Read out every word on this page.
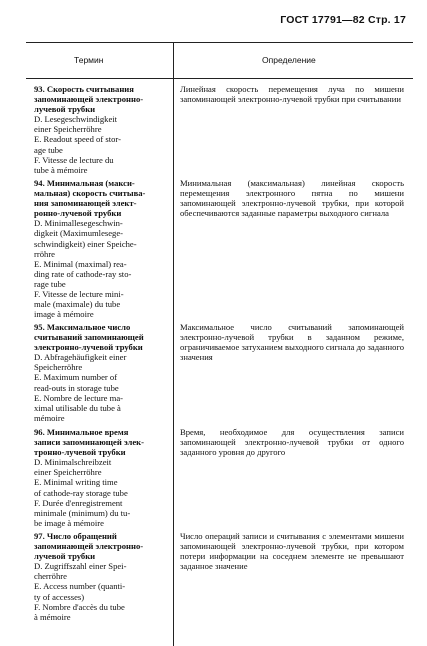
ГОСТ 17791—82 Стр. 17
Термин	Определение
93. Скорость считывания
запоминающей электронно-
лучевой трубки
D. Lesegeschwindigkeit
einer Speicherröhre
E. Readout speed of stor-
age tube
F. Vitesse de lecture du
tube à mémoire
Линейная скорость перемещения луча по мишени запоминающей электронно-лучевой трубки при считывании
94. Минимальная (макси-
мальная) скорость считыва-
ния запоминающей элект-
ронно-лучевой трубки
D. Minimallesegeschwin-
digkeit (Maximumlesege-
schwindigkeit) einer Speiche-
rröhre
E. Minimal (maximal) rea-
ding rate of cathode-ray sto-
rage tube
F. Vitesse de lecture mini-
male (maximale) du tube
image à mémoire
Минимальная (максимальная) линейная скорость перемещения электронного пятна по мишени запоминающей электронно-лучевой трубки, при которой обеспечиваются заданные параметры выходного сигнала
95. Максимальное число
считываний запоминающей
электронно-лучевой трубки
D. Abfragehäufigkeit einer
Speicherröhre
E. Maximum number of
read-outs in storage tube
E. Nombre de lecture ma-
ximal utilisable du tube à
mémoire
Максимальное число считываний запоминающей электронно-лучевой трубки в заданном режиме, ограничиваемое затуханием выходного сигнала до заданного значения
96. Минимальное время
записи запоминающей элек-
тронно-лучевой трубки
D. Minimalschreibzeit
einer Speicherröhre
E. Minimal writing time
of cathode-ray storage tube
F. Durée d'enregistrement
minimale (minimum) du tu-
be image à mémoire
Время, необходимое для осуществления записи запоминающей электронно-лучевой трубки от одного заданного уровня до другого
97. Число обращений
запоминающей электронно-
лучевой трубки
D. Zugriffszahl einer Spei-
cherröhre
E. Access number (quanti-
ty of accesses)
F. Nombre d'accès du tube
à mémoire
Число операций записи и считывания с элементами мишени запоминающей электронно-лучевой трубки, при котором потери информации на соседнем элементе не превышают заданное значение
